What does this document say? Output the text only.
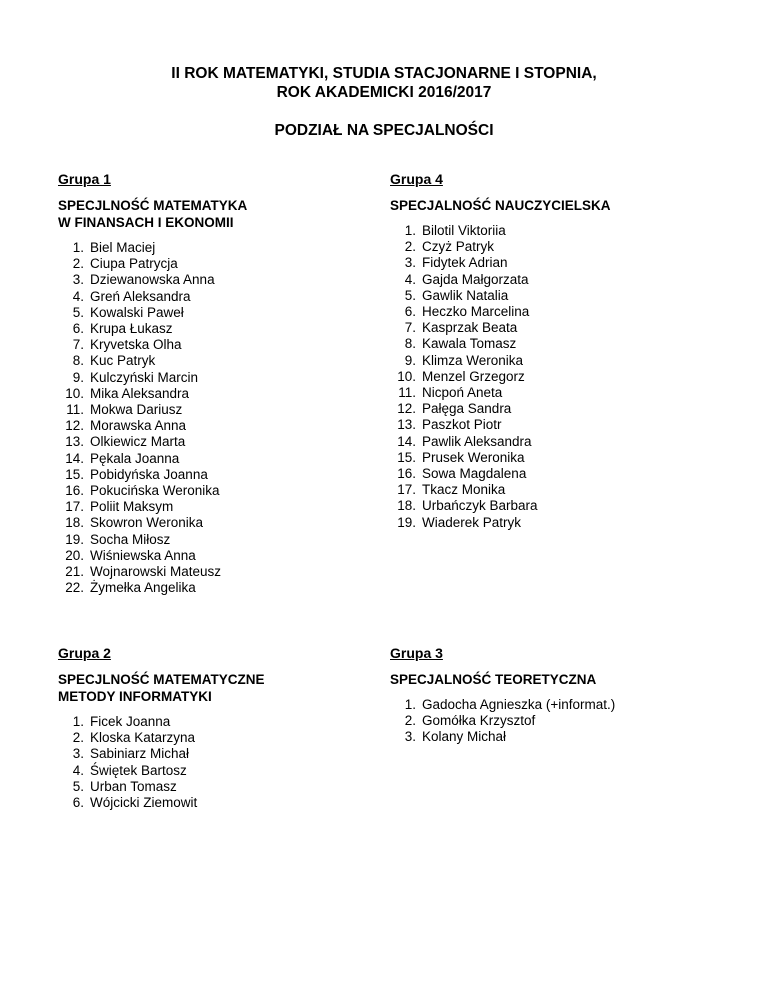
II ROK MATEMATYKI, STUDIA STACJONARNE I STOPNIA,
ROK AKADEMICKI 2016/2017
PODZIAŁ NA SPECJALNOŚCI
Grupa 1
SPECJLNOŚĆ MATEMATYKA
W FINANSACH I EKONOMII
1. Biel Maciej
2. Ciupa Patrycja
3. Dziewanowska Anna
4. Greń Aleksandra
5. Kowalski Paweł
6. Krupa Łukasz
7. Kryvetska Olha
8. Kuc Patryk
9. Kulczyński Marcin
10. Mika Aleksandra
11. Mokwa Dariusz
12. Morawska Anna
13. Olkiewicz Marta
14. Pękala Joanna
15. Pobidyńska Joanna
16. Pokucińska Weronika
17. Poliit Maksym
18. Skowron Weronika
19. Socha Miłosz
20. Wiśniewska Anna
21. Wojnarowski Mateusz
22. Żymełka Angelika
Grupa 4
SPECJALNOŚĆ NAUCZYCIELSKA
1. Bilotil Viktoriia
2. Czyż Patryk
3. Fidytek Adrian
4. Gajda Małgorzata
5. Gawlik Natalia
6. Heczko Marcelina
7. Kasprzak Beata
8. Kawala Tomasz
9. Klimza Weronika
10. Menzel Grzegorz
11. Nicpoń Aneta
12. Pałęga Sandra
13. Paszkot Piotr
14. Pawlik Aleksandra
15. Prusek Weronika
16. Sowa Magdalena
17. Tkacz Monika
18. Urbańczyk Barbara
19. Wiaderek Patryk
Grupa 2
SPECJLNOŚĆ MATEMATYCZNE
METODY INFORMATYKI
1. Ficek Joanna
2. Kloska Katarzyna
3. Sabiniarz Michał
4. Świętek Bartosz
5. Urban Tomasz
6. Wójcicki Ziemowit
Grupa 3
SPECJALNOŚĆ TEORETYCZNA
1. Gadocha Agnieszka (+informat.)
2. Gomółka Krzysztof
3. Kolany Michał
